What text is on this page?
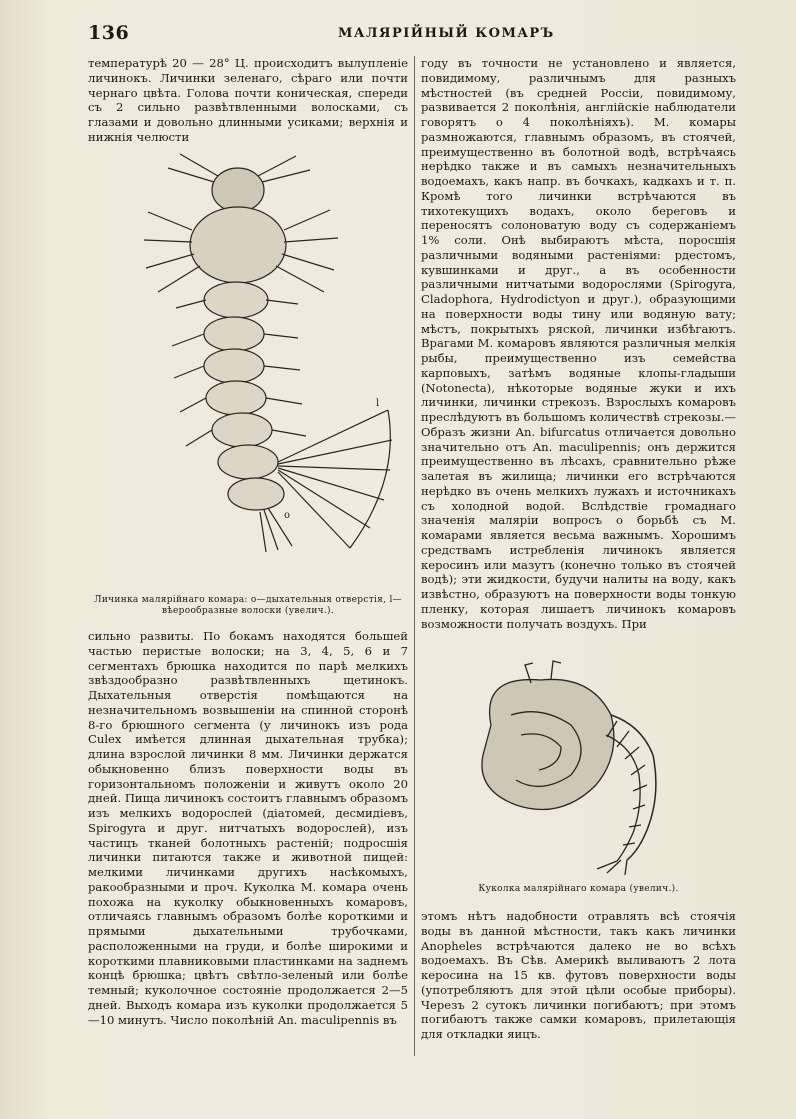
136	МАЛЯРІЙНЫЙ КОМАРЪ

температурѣ 20 — 28° Ц. происходитъ вылупленіе личинокъ. Личинки зеленаго, сѣраго или почти чернаго цвѣта. Голова почти коническая, спереди съ 2 сильно развѣтвленными волосками, съ глазами и довольно длинными усиками; верхнія и нижнія челюсти

l
o
Личинка малярійнаго комара: о—дыхательныя отверстія, l—вѣерообразные волоски (увелич.).

сильно развиты. По бокамъ находятся большей частью перистые волоски; на 3, 4, 5, 6 и 7 сегментахъ брюшка находится по парѣ мелкихъ звѣздообразно развѣтвленныхъ щетинокъ. Дыхательныя отверстія помѣщаются на незначительномъ возвышеніи на спинной сторонѣ 8-го брюшного сегмента (у личинокъ изъ рода Culex имѣется длинная дыхательная трубка); длина взрослой личинки 8 мм. Личинки держатся обыкновенно близъ поверхности воды въ горизонтальномъ положеніи и живутъ около 20 дней. Пища личинокъ состоитъ главнымъ образомъ изъ мелкихъ водорослей (діатомей, десмидіевъ, Spirogyra и друг. нитчатыхъ водорослей), изъ частицъ тканей болотныхъ растеній; подросшія личинки питаются также и животной пищей: мелкими личинками другихъ насѣкомыхъ, ракообразными и проч. Куколка М. комара очень похожа на куколку обыкновенныхъ комаровъ, отличаясь главнымъ образомъ болѣе короткими и прямыми дыхательными трубочками, расположенными на груди, и болѣе широкими и короткими плавниковыми пластинками на заднемъ концѣ брюшка; цвѣтъ свѣтло-зеленый или болѣе темный; куколочное состояніе продолжается 2—5 дней. Выходъ комара изъ куколки продолжается 5—10 минутъ. Число поколѣній An. maculipennis въ

году въ точности не установлено и является, повидимому, различнымъ для разныхъ мѣстностей (въ средней Россіи, повидимому, развивается 2 поколѣнія, англійскіе наблюдатели говорятъ о 4 поколѣніяхъ). М. комары размножаются, главнымъ образомъ, въ стоячей, преимущественно въ болотной водѣ, встрѣчаясь нерѣдко также и въ самыхъ незначительныхъ водоемахъ, какъ напр. въ бочкахъ, кадкахъ и т. п. Кромѣ того личинки встрѣчаются въ тихотекущихъ водахъ, около береговъ и переносятъ солоноватую воду съ содержаніемъ 1% соли. Онѣ выбираютъ мѣста, поросшія различными водяными растеніями: рдестомъ, кувшинками и друг., а въ особенности различными нитчатыми водорослями (Spirogyra, Cladophora, Hydrodictyon и друг.), образующими на поверхности воды тину или водяную вату; мѣстъ, покрытыхъ ряской, личинки избѣгаютъ. Врагами М. комаровъ являются различныя мелкія рыбы, преимущественно изъ семейства карповыхъ, затѣмъ водяные клопы-гладыши (Notonecta), нѣкоторые водяные жуки и ихъ личинки, личинки стрекозъ. Взрослыхъ комаровъ преслѣдуютъ въ большомъ количествѣ стрекозы.—Образъ жизни An. bifurcatus отличается довольно значительно отъ An. maculipennis; онъ держится преимущественно въ лѣсахъ, сравнительно рѣже залетая въ жилища; личинки его встрѣчаются нерѣдко въ очень мелкихъ лужахъ и источникахъ съ холодной водой. Вслѣдствіе громаднаго значенія маляріи вопросъ о борьбѣ съ М. комарами является весьма важнымъ. Хорошимъ средствамъ истребленія личинокъ является керосинъ или мазутъ (конечно только въ стоячей водѣ); эти жидкости, будучи налиты на воду, какъ извѣстно, образуютъ на поверхности воды тонкую пленку, которая лишаетъ личинокъ комаровъ возможности получать воздухъ. При

Куколка малярійнаго комара (увелич.).

этомъ нѣтъ надобности отравлять всѣ стоячія воды въ данной мѣстности, такъ какъ личинки Anopheles встрѣчаются далеко не во всѣхъ водоемахъ. Въ Сѣв. Америкѣ выливаютъ 2 лота керосина на 15 кв. футовъ поверхности воды (употребляютъ для этой цѣли особые приборы). Черезъ 2 сутокъ личинки погибаютъ; при этомъ погибаютъ также самки комаровъ, прилетающія для откладки яицъ.
